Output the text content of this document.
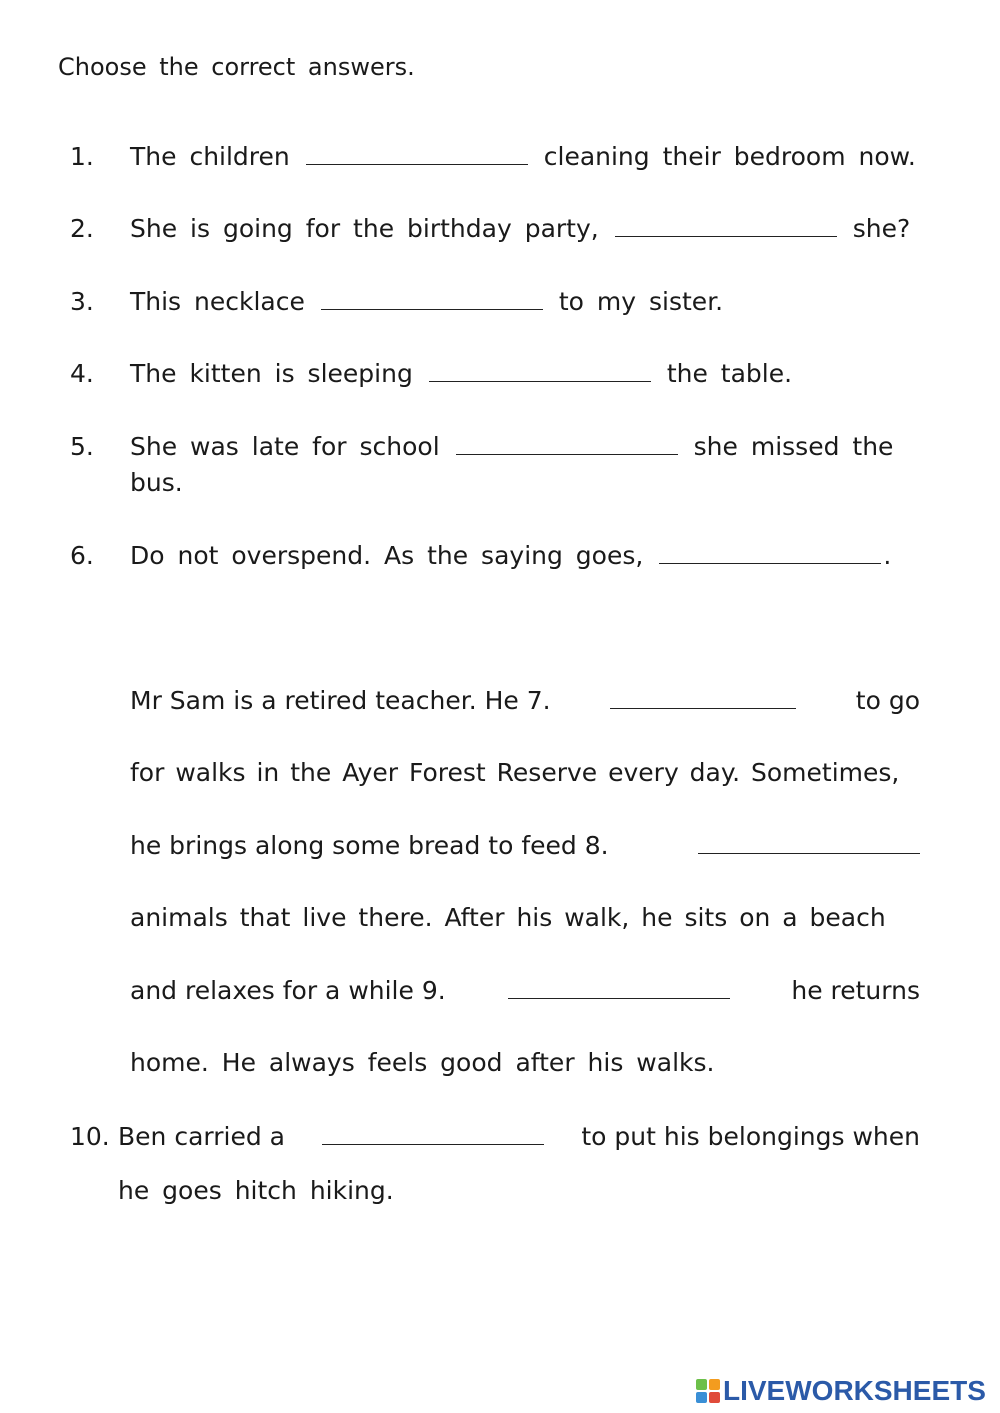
Choose the correct answers.
1. The children	cleaning their bedroom now.
2. She is going for the birthday party,	she?
3. This necklace	to my sister.
4. The kitten is sleeping	the table.
5. She was late for school	she missed the
bus.
6. Do not overspend. As the saying goes,	.
Mr Sam is a retired teacher. He 7.	to go
for walks in the Ayer Forest Reserve every day. Sometimes,
he brings along some bread to feed 8.
animals that live there. After his walk, he sits on a beach
and relaxes for a while 9.	he returns
home. He always feels good after his walks.
10. Ben carried a	to put his belongings when
he goes hitch hiking.
LIVEWORKSHEETS
